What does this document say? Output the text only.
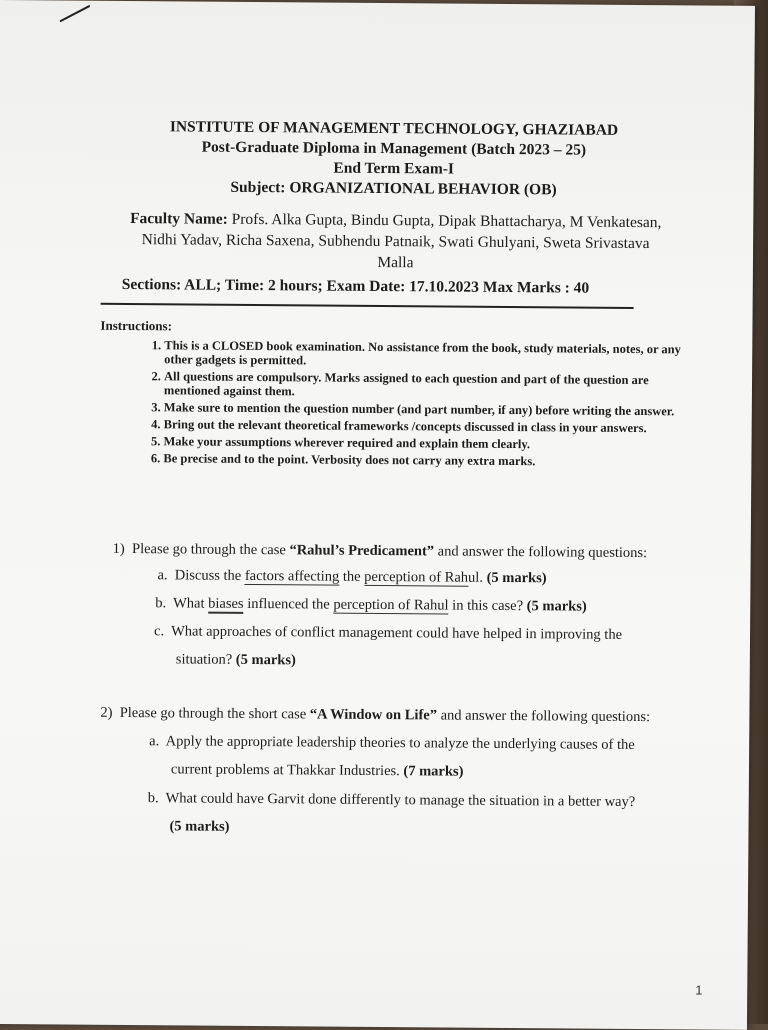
INSTITUTE OF MANAGEMENT TECHNOLOGY, GHAZIABAD
Post-Graduate Diploma in Management (Batch 2023 – 25)
End Term Exam-I
Subject: ORGANIZATIONAL BEHAVIOR (OB)
Faculty Name: Profs. Alka Gupta, Bindu Gupta, Dipak Bhattacharya, M Venkatesan, Nidhi Yadav, Richa Saxena, Subhendu Patnaik, Swati Ghulyani, Sweta Srivastava Malla
Sections: ALL; Time: 2 hours; Exam Date: 17.10.2023 Max Marks : 40
Instructions:
1. This is a CLOSED book examination. No assistance from the book, study materials, notes, or any other gadgets is permitted.
2. All questions are compulsory. Marks assigned to each question and part of the question are mentioned against them.
3. Make sure to mention the question number (and part number, if any) before writing the answer.
4. Bring out the relevant theoretical frameworks /concepts discussed in class in your answers.
5. Make your assumptions wherever required and explain them clearly.
6. Be precise and to the point. Verbosity does not carry any extra marks.
1) Please go through the case “Rahul’s Predicament” and answer the following questions:
a. Discuss the factors affecting the perception of Rahul. (5 marks)
b. What biases influenced the perception of Rahul in this case? (5 marks)
c. What approaches of conflict management could have helped in improving the
situation? (5 marks)
2) Please go through the short case “A Window on Life” and answer the following questions:
a. Apply the appropriate leadership theories to analyze the underlying causes of the
current problems at Thakkar Industries. (7 marks)
b. What could have Garvit done differently to manage the situation in a better way?
(5 marks)
1
